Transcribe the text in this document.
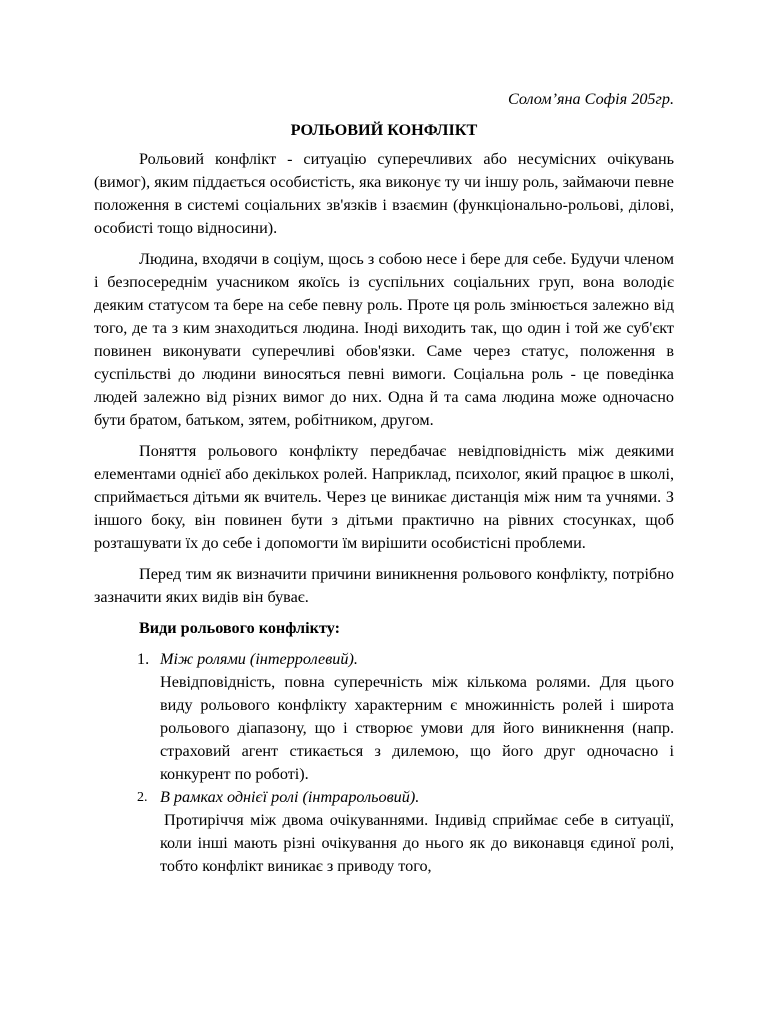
Солом’яна Софія 205гр.
РОЛЬОВИЙ КОНФЛІКТ

Рольовий конфлікт - ситуацію суперечливих або несумісних очікувань (вимог), яким піддається особистість, яка виконує ту чи іншу роль, займаючи певне положення в системі соціальних зв'язків і взаємин (функціонально-рольові, ділові, особисті тощо відносини).

Людина, входячи в соціум, щось з собою несе і бере для себе. Будучи членом і безпосереднім учасником якоїсь із суспільних соціальних груп, вона володіє деяким статусом та бере на себе певну роль. Проте ця роль змінюється залежно від того, де та з ким знаходиться людина. Іноді виходить так, що один і той же суб'єкт повинен виконувати суперечливі обов'язки. Саме через статус, положення в суспільстві до людини виносяться певні вимоги. Соціальна роль - це поведінка людей залежно від різних вимог до них. Одна й та сама людина може одночасно бути братом, батьком, зятем, робітником, другом.

Поняття рольового конфлікту передбачає невідповідність між деякими елементами однієї або декількох ролей. Наприклад, психолог, який працює в школі, сприймається дітьми як вчитель. Через це виникає дистанція між ним та учнями. З іншого боку, він повинен бути з дітьми практично на рівних стосунках, щоб розташувати їх до себе і допомогти їм вирішити особистісні проблеми.

Перед тим як визначити причини виникнення рольового конфлікту, потрібно зазначити яких видів він буває.

Види рольового конфлікту:
1. Між ролями (інтерролевий).
Невідповідність, повна суперечність між кількома ролями. Для цього виду рольового конфлікту характерним є множинність ролей і широта рольового діапазону, що і створює умови для його виникнення (напр. страховий агент стикається з дилемою, що його друг одночасно і конкурент по роботі).
2. В рамках однієї ролі (інтрарольовий).
Протиріччя між двома очікуваннями. Індивід сприймає себе в ситуації, коли інші мають різні очікування до нього як до виконавця єдиної ролі, тобто конфлікт виникає з приводу того,
